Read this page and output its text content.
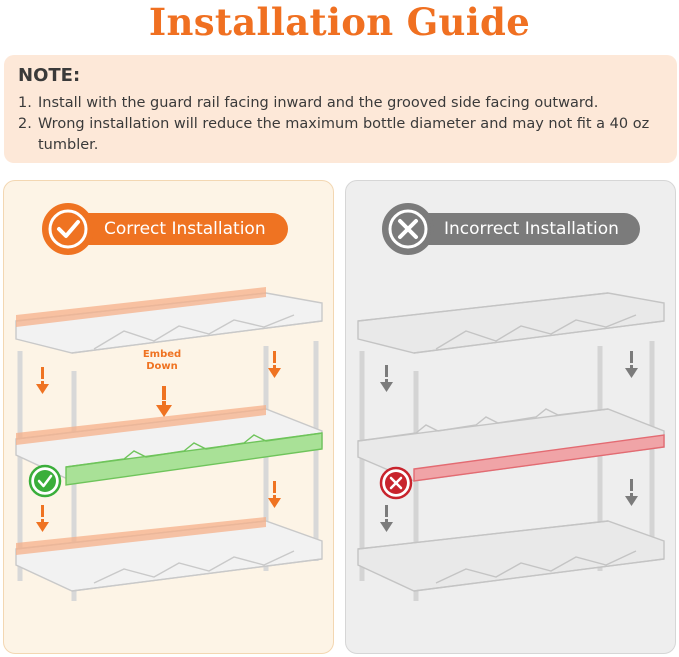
Installation Guide
NOTE:
1. Install with the guard rail facing inward and the grooved side facing outward.
2. Wrong installation will reduce the maximum bottle diameter and may not fit a 40 oz tumbler.
Embed Down
Correct Installation	Incorrect Installation
